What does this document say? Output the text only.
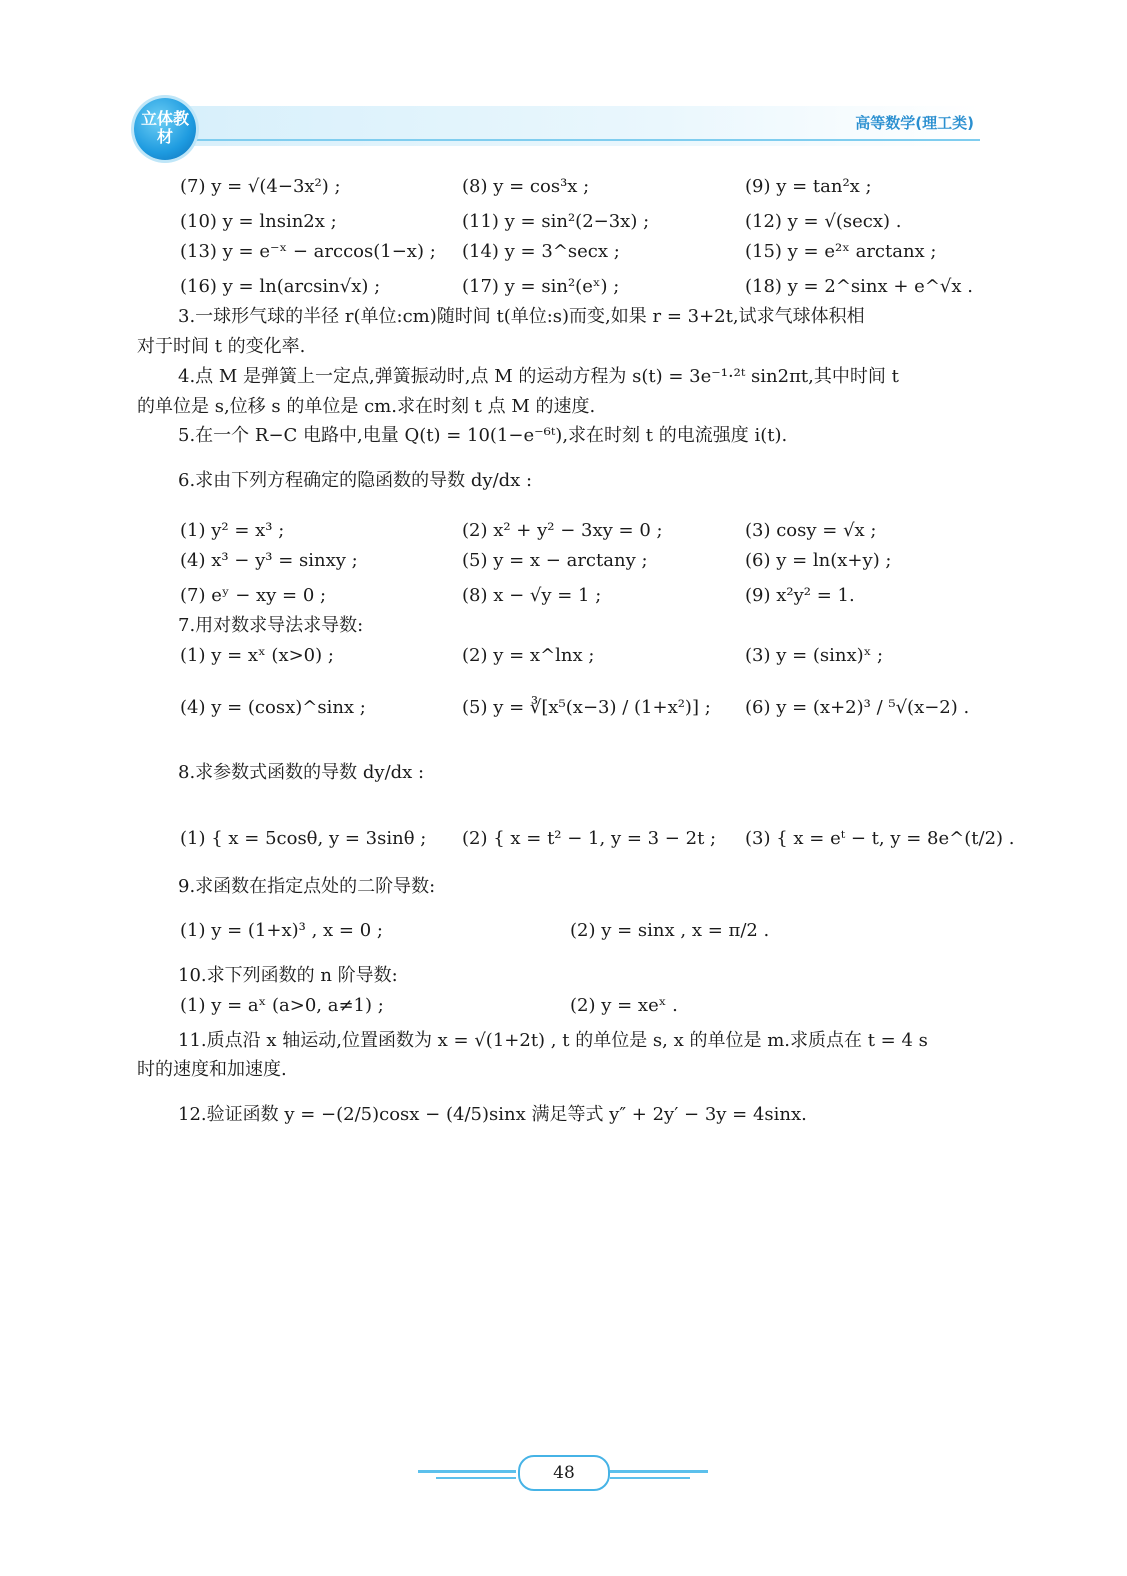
立体教材
高等数学(理工类)
(7) y = √(4−3x²) ;	(8) y = cos³x ;	(9) y = tan²x ;
(10) y = lnsin2x ;	(11) y = sin²(2−3x) ;	(12) y = √(secx) .
(13) y = e⁻ˣ − arccos(1−x) ; (14) y = 3^secx ;	(15) y = e²ˣ arctanx ;
(16) y = ln(arcsin√x) ;	(17) y = sin²(eˣ) ;	(18) y = 2^sinx + e^√x .
3.一球形气球的半径 r(单位:cm)随时间 t(单位:s)而变,如果 r = 3+2t,试求气球体积相
对于时间 t 的变化率.
4.点 M 是弹簧上一定点,弹簧振动时,点 M 的运动方程为 s(t) = 3e⁻¹·²ᵗ sin2πt,其中时间 t
的单位是 s,位移 s 的单位是 cm.求在时刻 t 点 M 的速度.
5.在一个 R−C 电路中,电量 Q(t) = 10(1−e⁻⁶ᵗ),求在时刻 t 的电流强度 i(t).
6.求由下列方程确定的隐函数的导数 dy/dx :
(1) y² = x³ ;	(2) x² + y² − 3xy = 0 ;	(3) cosy = √x ;
(4) x³ − y³ = sinxy ;	(5) y = x − arctany ;	(6) y = ln(x+y) ;
(7) eʸ − xy = 0 ;	(8) x − √y = 1 ;	(9) x²y² = 1.
7.用对数求导法求导数:
(1) y = xˣ (x>0) ;	(2) y = x^lnx ;	(3) y = (sinx)ˣ ;
(4) y = (cosx)^sinx ;	(5) y = ∛[x⁵(x−3) / (1+x²)] ; (6) y = (x+2)³ / ⁵√(x−2) .
8.求参数式函数的导数 dy/dx :
(1) { x = 5cosθ, y = 3sinθ ; (2) { x = t² − 1, y = 3 − 2t ; (3) { x = eᵗ − t, y = 8e^(t/2) .
9.求函数在指定点处的二阶导数:
(1) y = (1+x)³ , x = 0 ;	(2) y = sinx , x = π/2 .
10.求下列函数的 n 阶导数:
(1) y = aˣ (a>0, a≠1) ;	(2) y = xeˣ .
11.质点沿 x 轴运动,位置函数为 x = √(1+2t) , t 的单位是 s, x 的单位是 m.求质点在 t = 4 s
时的速度和加速度.
12.验证函数 y = −(2/5)cosx − (4/5)sinx 满足等式 y″ + 2y′ − 3y = 4sinx.
48
